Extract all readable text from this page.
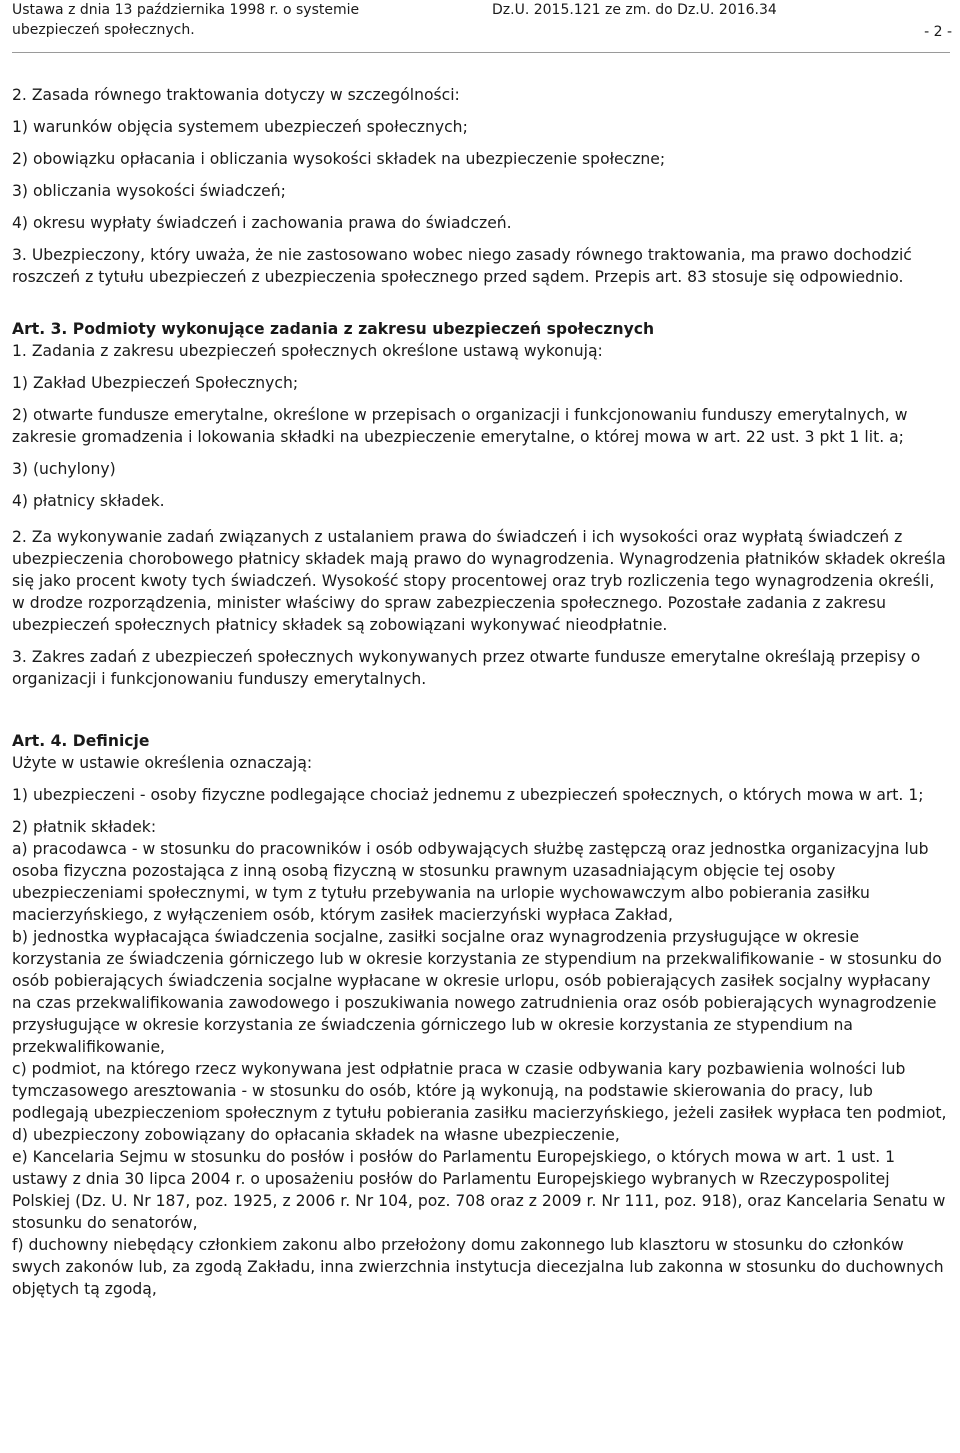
Ustawa z dnia 13 października 1998 r. o systemie
ubezpieczeń społecznych.
Dz.U. 2015.121 ze zm. do Dz.U. 2016.34
- 2 -

2. Zasada równego traktowania dotyczy w szczególności:

1) warunków objęcia systemem ubezpieczeń społecznych;

2) obowiązku opłacania i obliczania wysokości składek na ubezpieczenie społeczne;

3) obliczania wysokości świadczeń;

4) okresu wypłaty świadczeń i zachowania prawa do świadczeń.

3. Ubezpieczony, który uważa, że nie zastosowano wobec niego zasady równego traktowania, ma prawo dochodzić roszczeń z tytułu ubezpieczeń z ubezpieczenia społecznego przed sądem. Przepis art. 83 stosuje się odpowiednio.

Art. 3. Podmioty wykonujące zadania z zakresu ubezpieczeń społecznych

1. Zadania z zakresu ubezpieczeń społecznych określone ustawą wykonują:

1) Zakład Ubezpieczeń Społecznych;

2) otwarte fundusze emerytalne, określone w przepisach o organizacji i funkcjonowaniu funduszy emerytalnych, w zakresie gromadzenia i lokowania składki na ubezpieczenie emerytalne, o której mowa w art. 22 ust. 3 pkt 1 lit. a;

3) (uchylony)

4) płatnicy składek.

2. Za wykonywanie zadań związanych z ustalaniem prawa do świadczeń i ich wysokości oraz wypłatą świadczeń z ubezpieczenia chorobowego płatnicy składek mają prawo do wynagrodzenia. Wynagrodzenia płatników składek określa się jako procent kwoty tych świadczeń. Wysokość stopy procentowej oraz tryb rozliczenia tego wynagrodzenia określi, w drodze rozporządzenia, minister właściwy do spraw zabezpieczenia społecznego. Pozostałe zadania z zakresu ubezpieczeń społecznych płatnicy składek są zobowiązani wykonywać nieodpłatnie.

3. Zakres zadań z ubezpieczeń społecznych wykonywanych przez otwarte fundusze emerytalne określają przepisy o organizacji i funkcjonowaniu funduszy emerytalnych.

Art. 4. Definicje

Użyte w ustawie określenia oznaczają:

1) ubezpieczeni - osoby fizyczne podlegające chociaż jednemu z ubezpieczeń społecznych, o których mowa w art. 1;

2) płatnik składek:

a) pracodawca - w stosunku do pracowników i osób odbywających służbę zastępczą oraz jednostka organizacyjna lub osoba fizyczna pozostająca z inną osobą fizyczną w stosunku prawnym uzasadniającym objęcie tej osoby ubezpieczeniami społecznymi, w tym z tytułu przebywania na urlopie wychowawczym albo pobierania zasiłku macierzyńskiego, z wyłączeniem osób, którym zasiłek macierzyński wypłaca Zakład,

b) jednostka wypłacająca świadczenia socjalne, zasiłki socjalne oraz wynagrodzenia przysługujące w okresie korzystania ze świadczenia górniczego lub w okresie korzystania ze stypendium na przekwalifikowanie - w stosunku do osób pobierających świadczenia socjalne wypłacane w okresie urlopu, osób pobierających zasiłek socjalny wypłacany na czas przekwalifikowania zawodowego i poszukiwania nowego zatrudnienia oraz osób pobierających wynagrodzenie przysługujące w okresie korzystania ze świadczenia górniczego lub w okresie korzystania ze stypendium na przekwalifikowanie,

c) podmiot, na którego rzecz wykonywana jest odpłatnie praca w czasie odbywania kary pozbawienia wolności lub tymczasowego aresztowania - w stosunku do osób, które ją wykonują, na podstawie skierowania do pracy, lub podlegają ubezpieczeniom społecznym z tytułu pobierania zasiłku macierzyńskiego, jeżeli zasiłek wypłaca ten podmiot,

d) ubezpieczony zobowiązany do opłacania składek na własne ubezpieczenie,

e) Kancelaria Sejmu w stosunku do posłów i posłów do Parlamentu Europejskiego, o których mowa w art. 1 ust. 1 ustawy z dnia 30 lipca 2004 r. o uposażeniu posłów do Parlamentu Europejskiego wybranych w Rzeczypospolitej Polskiej (Dz. U. Nr 187, poz. 1925, z 2006 r. Nr 104, poz. 708 oraz z 2009 r. Nr 111, poz. 918), oraz Kancelaria Senatu w stosunku do senatorów,

f) duchowny niebędący członkiem zakonu albo przełożony domu zakonnego lub klasztoru w stosunku do członków swych zakonów lub, za zgodą Zakładu, inna zwierzchnia instytucja diecezjalna lub zakonna w stosunku do duchownych objętych tą zgodą,
